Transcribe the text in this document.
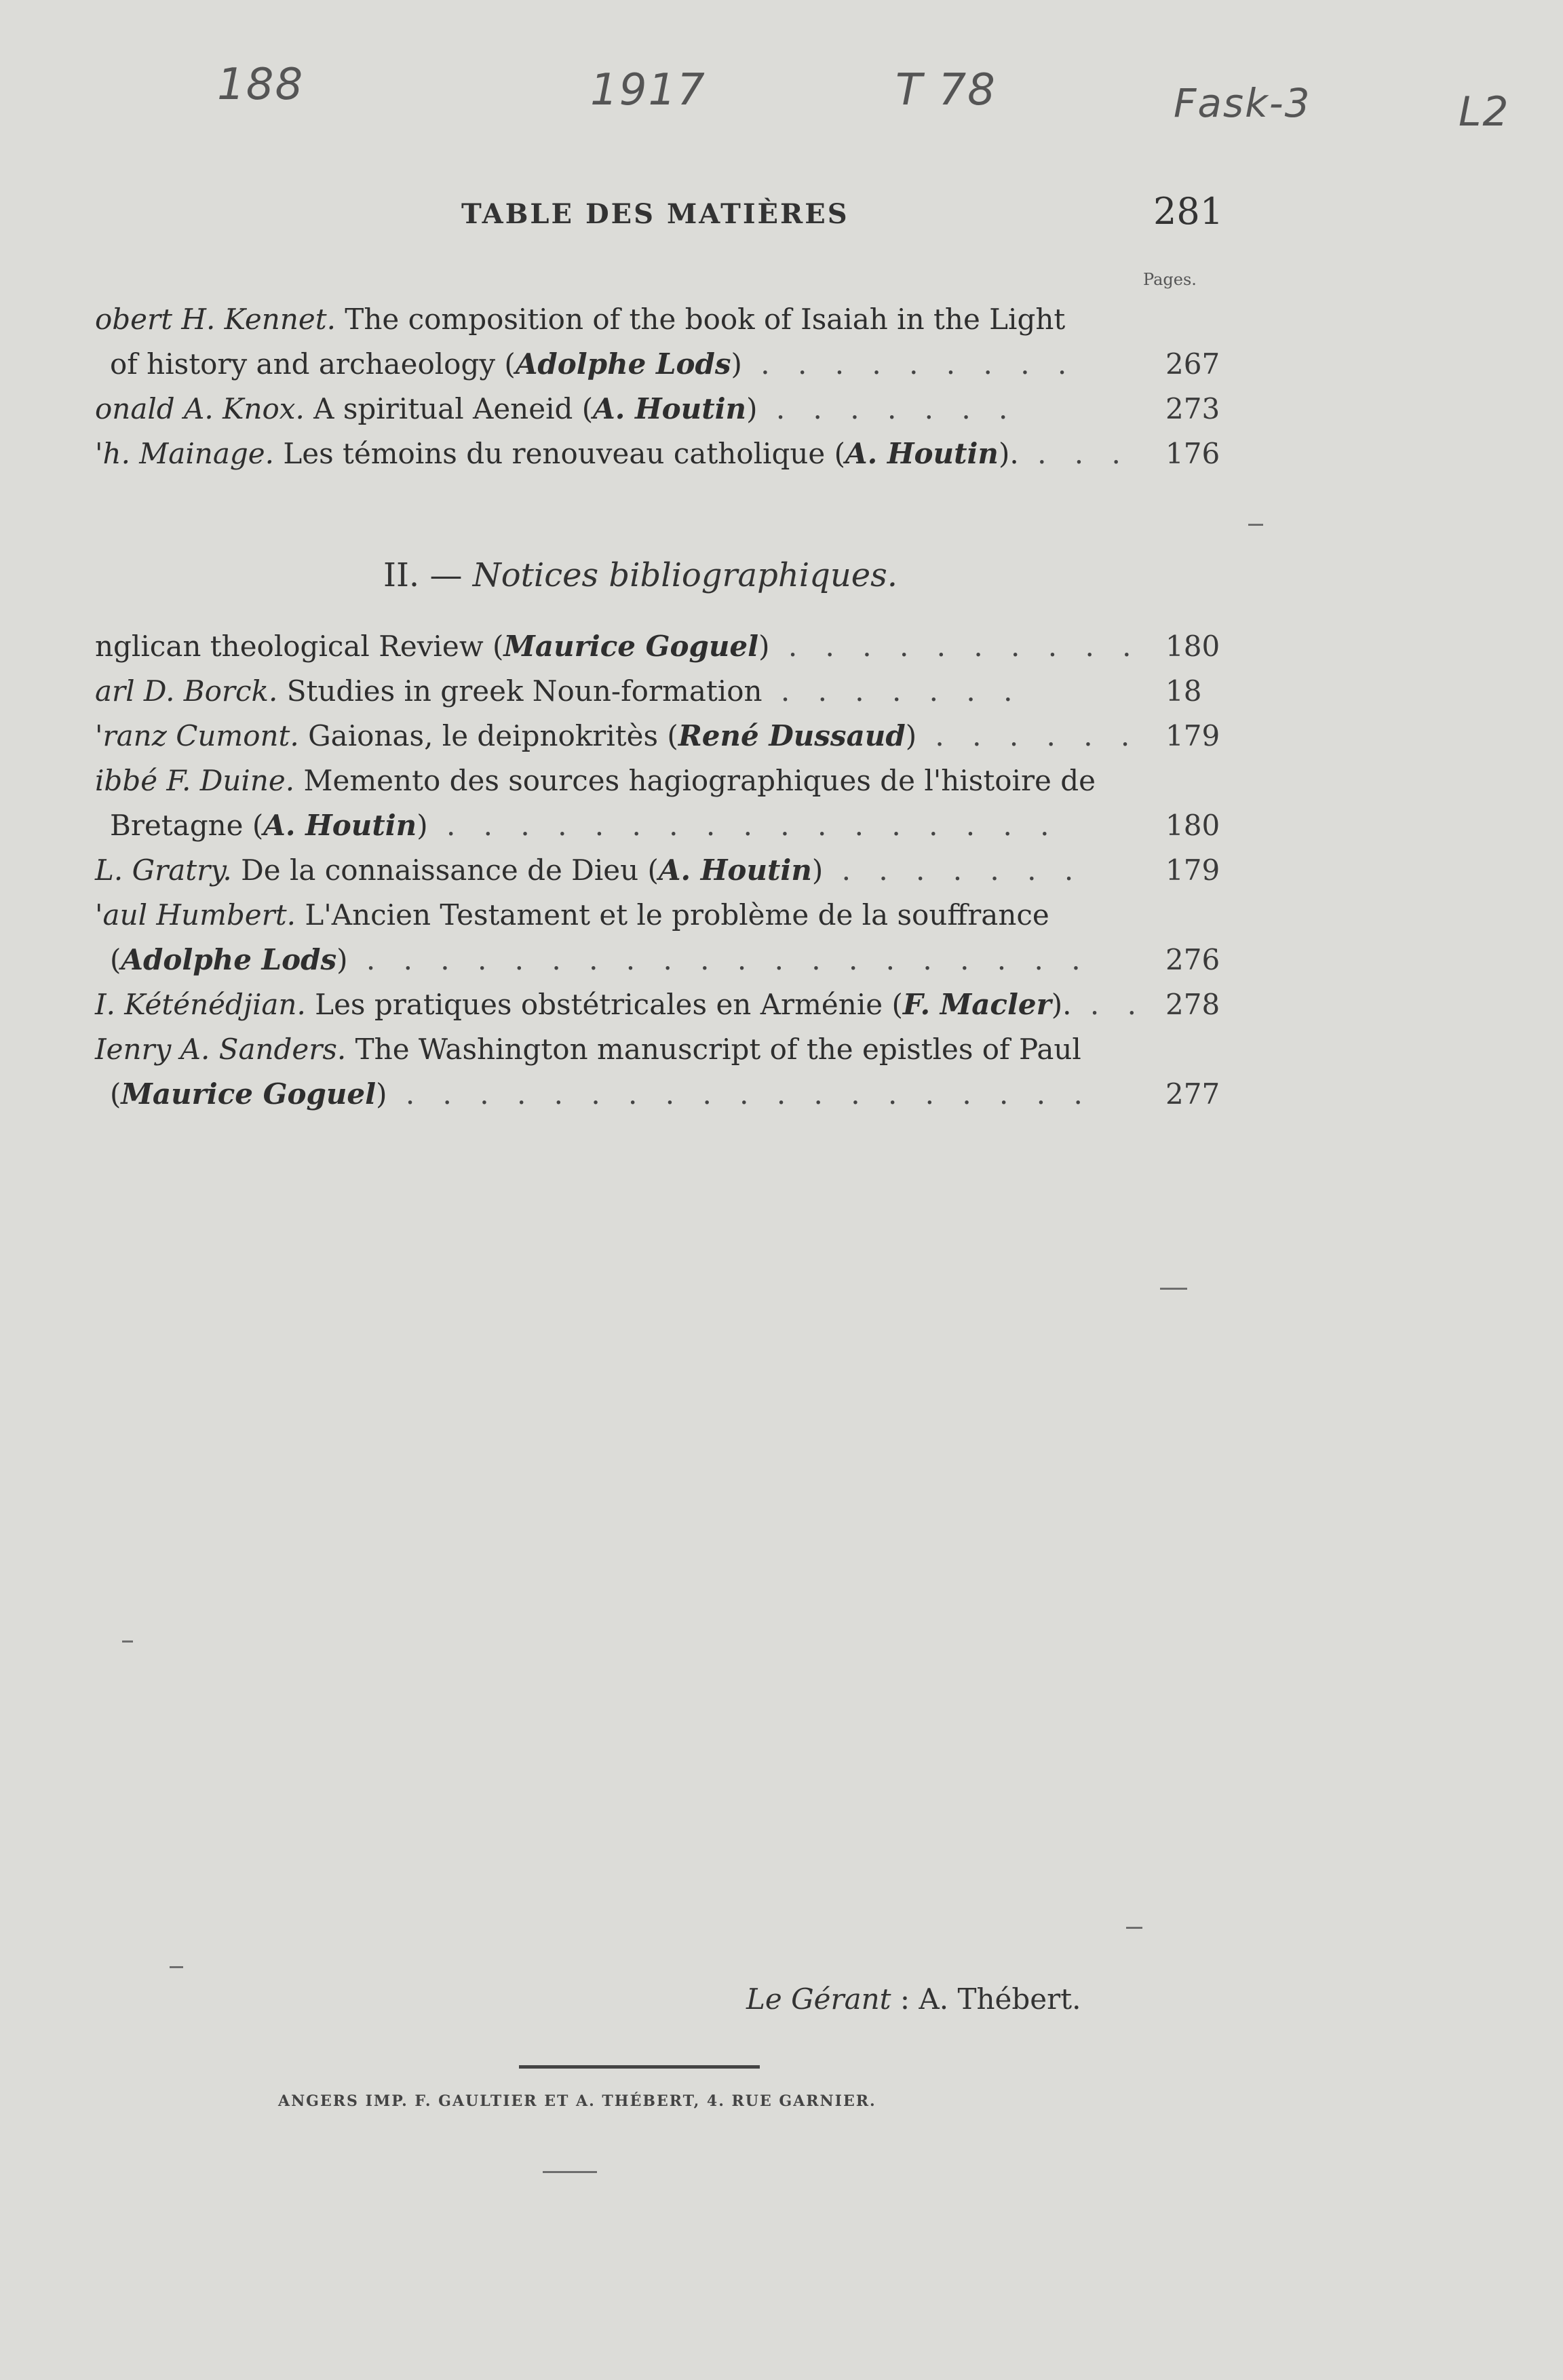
188	1917	T 78	Fask-3	L2
TABLE DES MATIÈRES	281
Pages.
obert H. Kennet. The composition of the book of Isaiah in the Light
of history and archaeology (Adolphe Lods) . . . . . . . . .	267
onald A. Knox. A spiritual Aeneid (A. Houtin) . . . . . . .	273
'h. Mainage. Les témoins du renouveau catholique (A. Houtin). . . . 176
II. — Notices bibliographiques.
nglican theological Review (Maurice Goguel) . . . . . . . . . . 180
arl D. Borck. Studies in greek Noun-formation . . . . . . .	18
'ranz Cumont. Gaionas, le deipnokritès (René Dussaud) . . . . . . 179
ibbé F. Duine. Memento des sources hagiographiques de l'histoire de
Bretagne (A. Houtin) . . . . . . . . . . . . . . . . .	180
L. Gratry. De la connaissance de Dieu (A. Houtin) . . . . . . .	179
'aul Humbert. L'Ancien Testament et le problème de la souffrance
(Adolphe Lods) . . . . . . . . . . . . . . . . . . . .	276
I. Kéténédjian. Les pratiques obstétricales en Arménie (F. Macler). . . 278
Ienry A. Sanders. The Washington manuscript of the epistles of Paul
(Maurice Goguel) . . . . . . . . . . . . . . . . . . .	277
Le Gérant : A. Thébert.
ANGERS IMP. F. GAULTIER ET A. THÉBERT, 4. RUE GARNIER.
